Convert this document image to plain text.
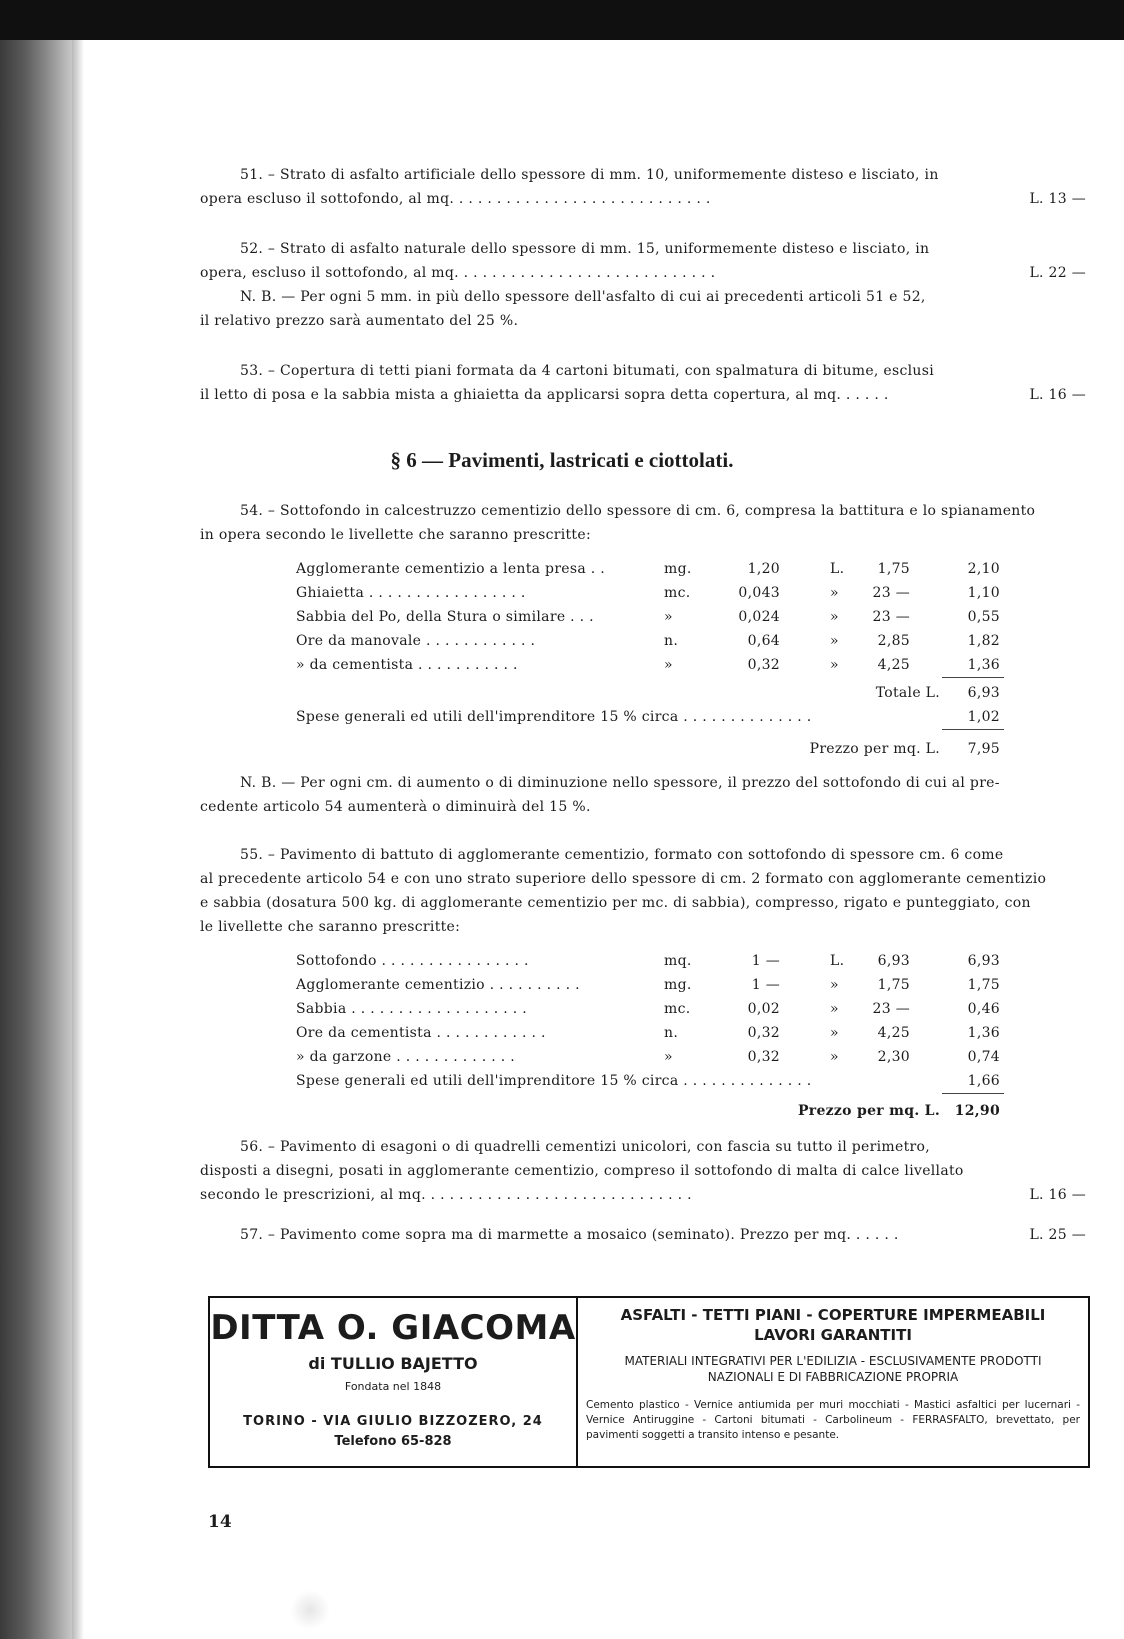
51. – Strato di asfalto artificiale dello spessore di mm. 10, uniformemente disteso e lisciato, in
opera escluso il sottofondo, al mq. . . . . . . . . . . . . . . . . . . . . . . . . . . .	L. 13 —
52. – Strato di asfalto naturale dello spessore di mm. 15, uniformemente disteso e lisciato, in
opera, escluso il sottofondo, al mq. . . . . . . . . . . . . . . . . . . . . . . . . . . .	L. 22 —
N. B. — Per ogni 5 mm. in più dello spessore dell'asfalto di cui ai precedenti articoli 51 e 52,
il relativo prezzo sarà aumentato del 25 %.
53. – Copertura di tetti piani formata da 4 cartoni bitumati, con spalmatura di bitume, esclusi
il letto di posa e la sabbia mista a ghiaietta da applicarsi sopra detta copertura, al mq. . . . . .	L. 16 —
§ 6 — Pavimenti, lastricati e ciottolati.
54. – Sottofondo in calcestruzzo cementizio dello spessore di cm. 6, compresa la battitura e lo spianamento
in opera secondo le livellette che saranno prescritte:
Agglomerante cementizio a lenta presa . .	mg.	1,20	L.	1,75	2,10
Ghiaietta . . . . . . . . . . . . . . . . .	mc.	0,043	»	23 —	1,10
Sabbia del Po, della Stura o similare . . .	»	0,024	»	23 —	0,55
Ore da manovale . . . . . . . . . . . .	n.	0,64	»	2,85	1,82
» da cementista . . . . . . . . . . .	»	0,32	»	4,25	1,36
Totale L.	6,93
Spese generali ed utili dell'imprenditore 15 % circa . . . . . . . . . . . . . .	1,02
Prezzo per mq. L.	7,95
N. B. — Per ogni cm. di aumento o di diminuzione nello spessore, il prezzo del sottofondo di cui al pre-
cedente articolo 54 aumenterà o diminuirà del 15 %.
55. – Pavimento di battuto di agglomerante cementizio, formato con sottofondo di spessore cm. 6 come
al precedente articolo 54 e con uno strato superiore dello spessore di cm. 2 formato con agglomerante cementizio
e sabbia (dosatura 500 kg. di agglomerante cementizio per mc. di sabbia), compresso, rigato e punteggiato, con
le livellette che saranno prescritte:
Sottofondo . . . . . . . . . . . . . . . .	mq.	1 —	L.	6,93	6,93
Agglomerante cementizio . . . . . . . . . .	mg.	1 —	»	1,75	1,75
Sabbia . . . . . . . . . . . . . . . . . . .	mc.	0,02	»	23 —	0,46
Ore da cementista . . . . . . . . . . . .	n.	0,32	»	4,25	1,36
» da garzone . . . . . . . . . . . . .	»	0,32	»	2,30	0,74
Spese generali ed utili dell'imprenditore 15 % circa . . . . . . . . . . . . . .	1,66
Prezzo per mq. L.	12,90
56. – Pavimento di esagoni o di quadrelli cementizi unicolori, con fascia su tutto il perimetro,
disposti a disegni, posati in agglomerante cementizio, compreso il sottofondo di malta di calce livellato
secondo le prescrizioni, al mq. . . . . . . . . . . . . . . . . . . . . . . . . . . . .	L. 16 —
57. – Pavimento come sopra ma di marmette a mosaico (seminato). Prezzo per mq. . . . . .	L. 25 —
DITTA O. GIACOMA
di TULLIO BAJETTO
Fondata nel 1848
TORINO - VIA GIULIO BIZZOZERO, 24
Telefono 65-828
ASFALTI - TETTI PIANI - COPERTURE IMPERMEABILI
LAVORI GARANTITI
MATERIALI INTEGRATIVI PER L'EDILIZIA - ESCLUSIVAMENTE PRODOTTI
NAZIONALI E DI FABBRICAZIONE PROPRIA
Cemento plastico - Vernice antiumida per muri mocchiati - Mastici asfaltici per lucernari - Vernice Antiruggine - Cartoni bitumati - Carbolineum - FERRASFALTO, brevettato, per pavimenti soggetti a transito intenso e pesante.
14
